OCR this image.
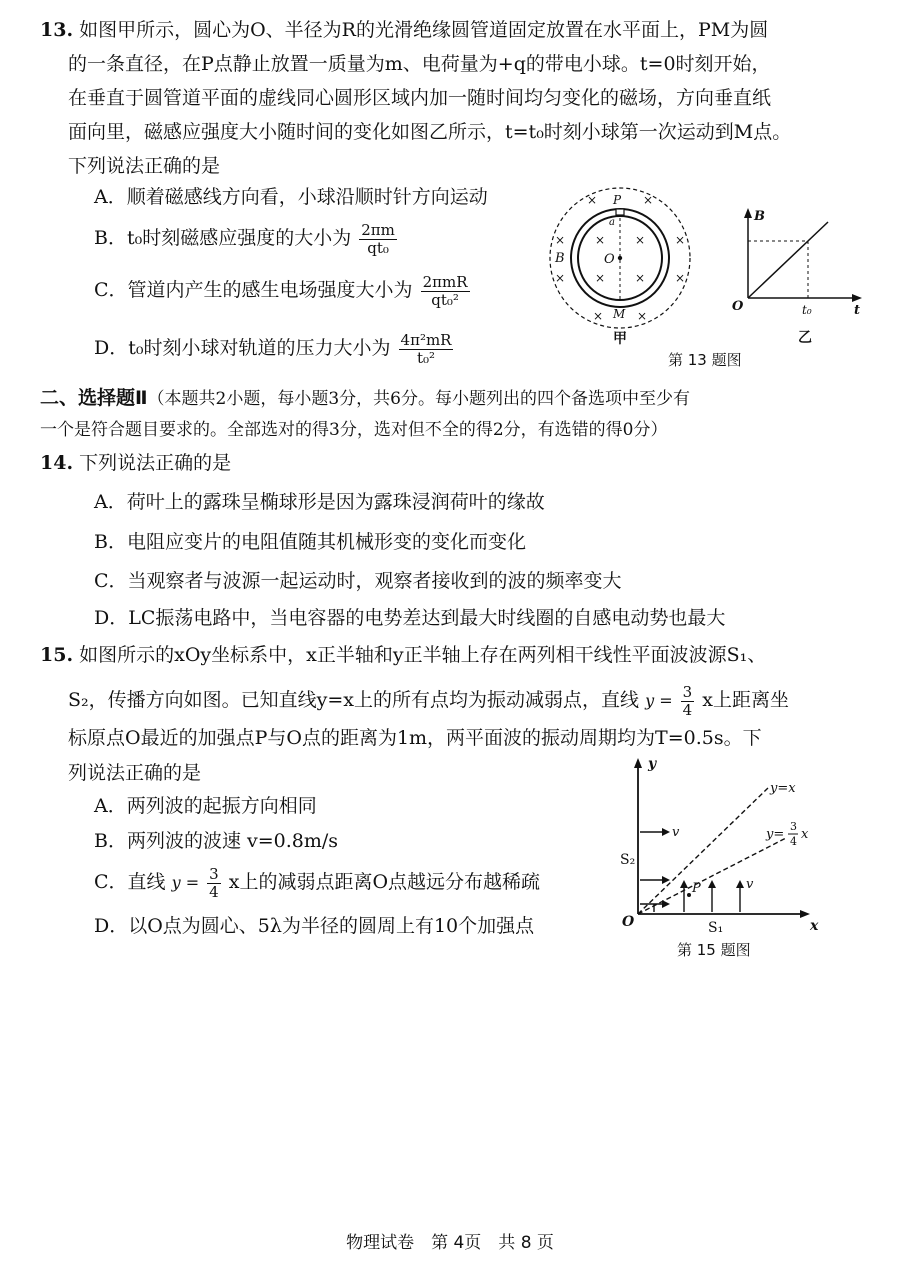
13. 如图甲所示，圆心为O、半径为R的光滑绝缘圆管道固定放置在水平面上，PM为圆
的一条直径，在P点静止放置一质量为m、电荷量为+q的带电小球。t=0时刻开始，
在垂直于圆管道平面的虚线同心圆形区域内加一随时间均匀变化的磁场，方向垂直纸
面向里，磁感应强度大小随时间的变化如图乙所示，t=t₀时刻小球第一次运动到M点。
下列说法正确的是
A．顺着磁感线方向看，小球沿顺时针方向运动
B．t₀时刻磁感应强度的大小为 $\frac{2\pi m}{\text{qt₀}}$
C．管道内产生的感生电场强度大小为 $\frac{\text{2πmR}}{\text{qt₀²}}$
D．t₀时刻小球对轨道的压力大小为 $\frac{\text{4π²mR}}{\text{t₀²}}$
P
a
O
B
M
×	×
×	×
×	×
× ×
× ×
×	×
甲
B
O	t₀	t
乙
第 13 题图
二、选择题Ⅱ（本题共2小题，每小题3分，共6分。每小题列出的四个备选项中至少有
一个是符合题目要求的。全部选对的得3分，选对但不全的得2分，有选错的得0分）
14. 下列说法正确的是
A．荷叶上的露珠呈椭球形是因为露珠浸润荷叶的缘故
B．电阻应变片的电阻值随其机械形变的变化而变化
C．当观察者与波源一起运动时，观察者接收到的波的频率变大
D．LC振荡电路中，当电容器的电势差达到最大时线圈的自感电动势也最大
15. 如图所示的xOy坐标系中，x正半轴和y正半轴上存在两列相干线性平面波波源S₁、
S₂，传播方向如图。已知直线y=x上的所有点均为振动减弱点，直线 $y = \frac{3}{4}$ x上距离坐
标原点O最近的加强点P与O点的距离为1m，两平面波的振动周期均为T=0.5s。下
列说法正确的是
A．两列波的起振方向相同
B．两列波的波速 v=0.8m/s
C．直线 $y = \frac{3}{4}$ x上的减弱点距离O点越远分布越稀疏
D．以O点为圆心、5λ为半径的圆周上有10个加强点
y
x
O	S₁
S₂
P
v
v
y=x
y=
3
4 x
第 15 题图
物理试卷　第 4页　共 8 页
